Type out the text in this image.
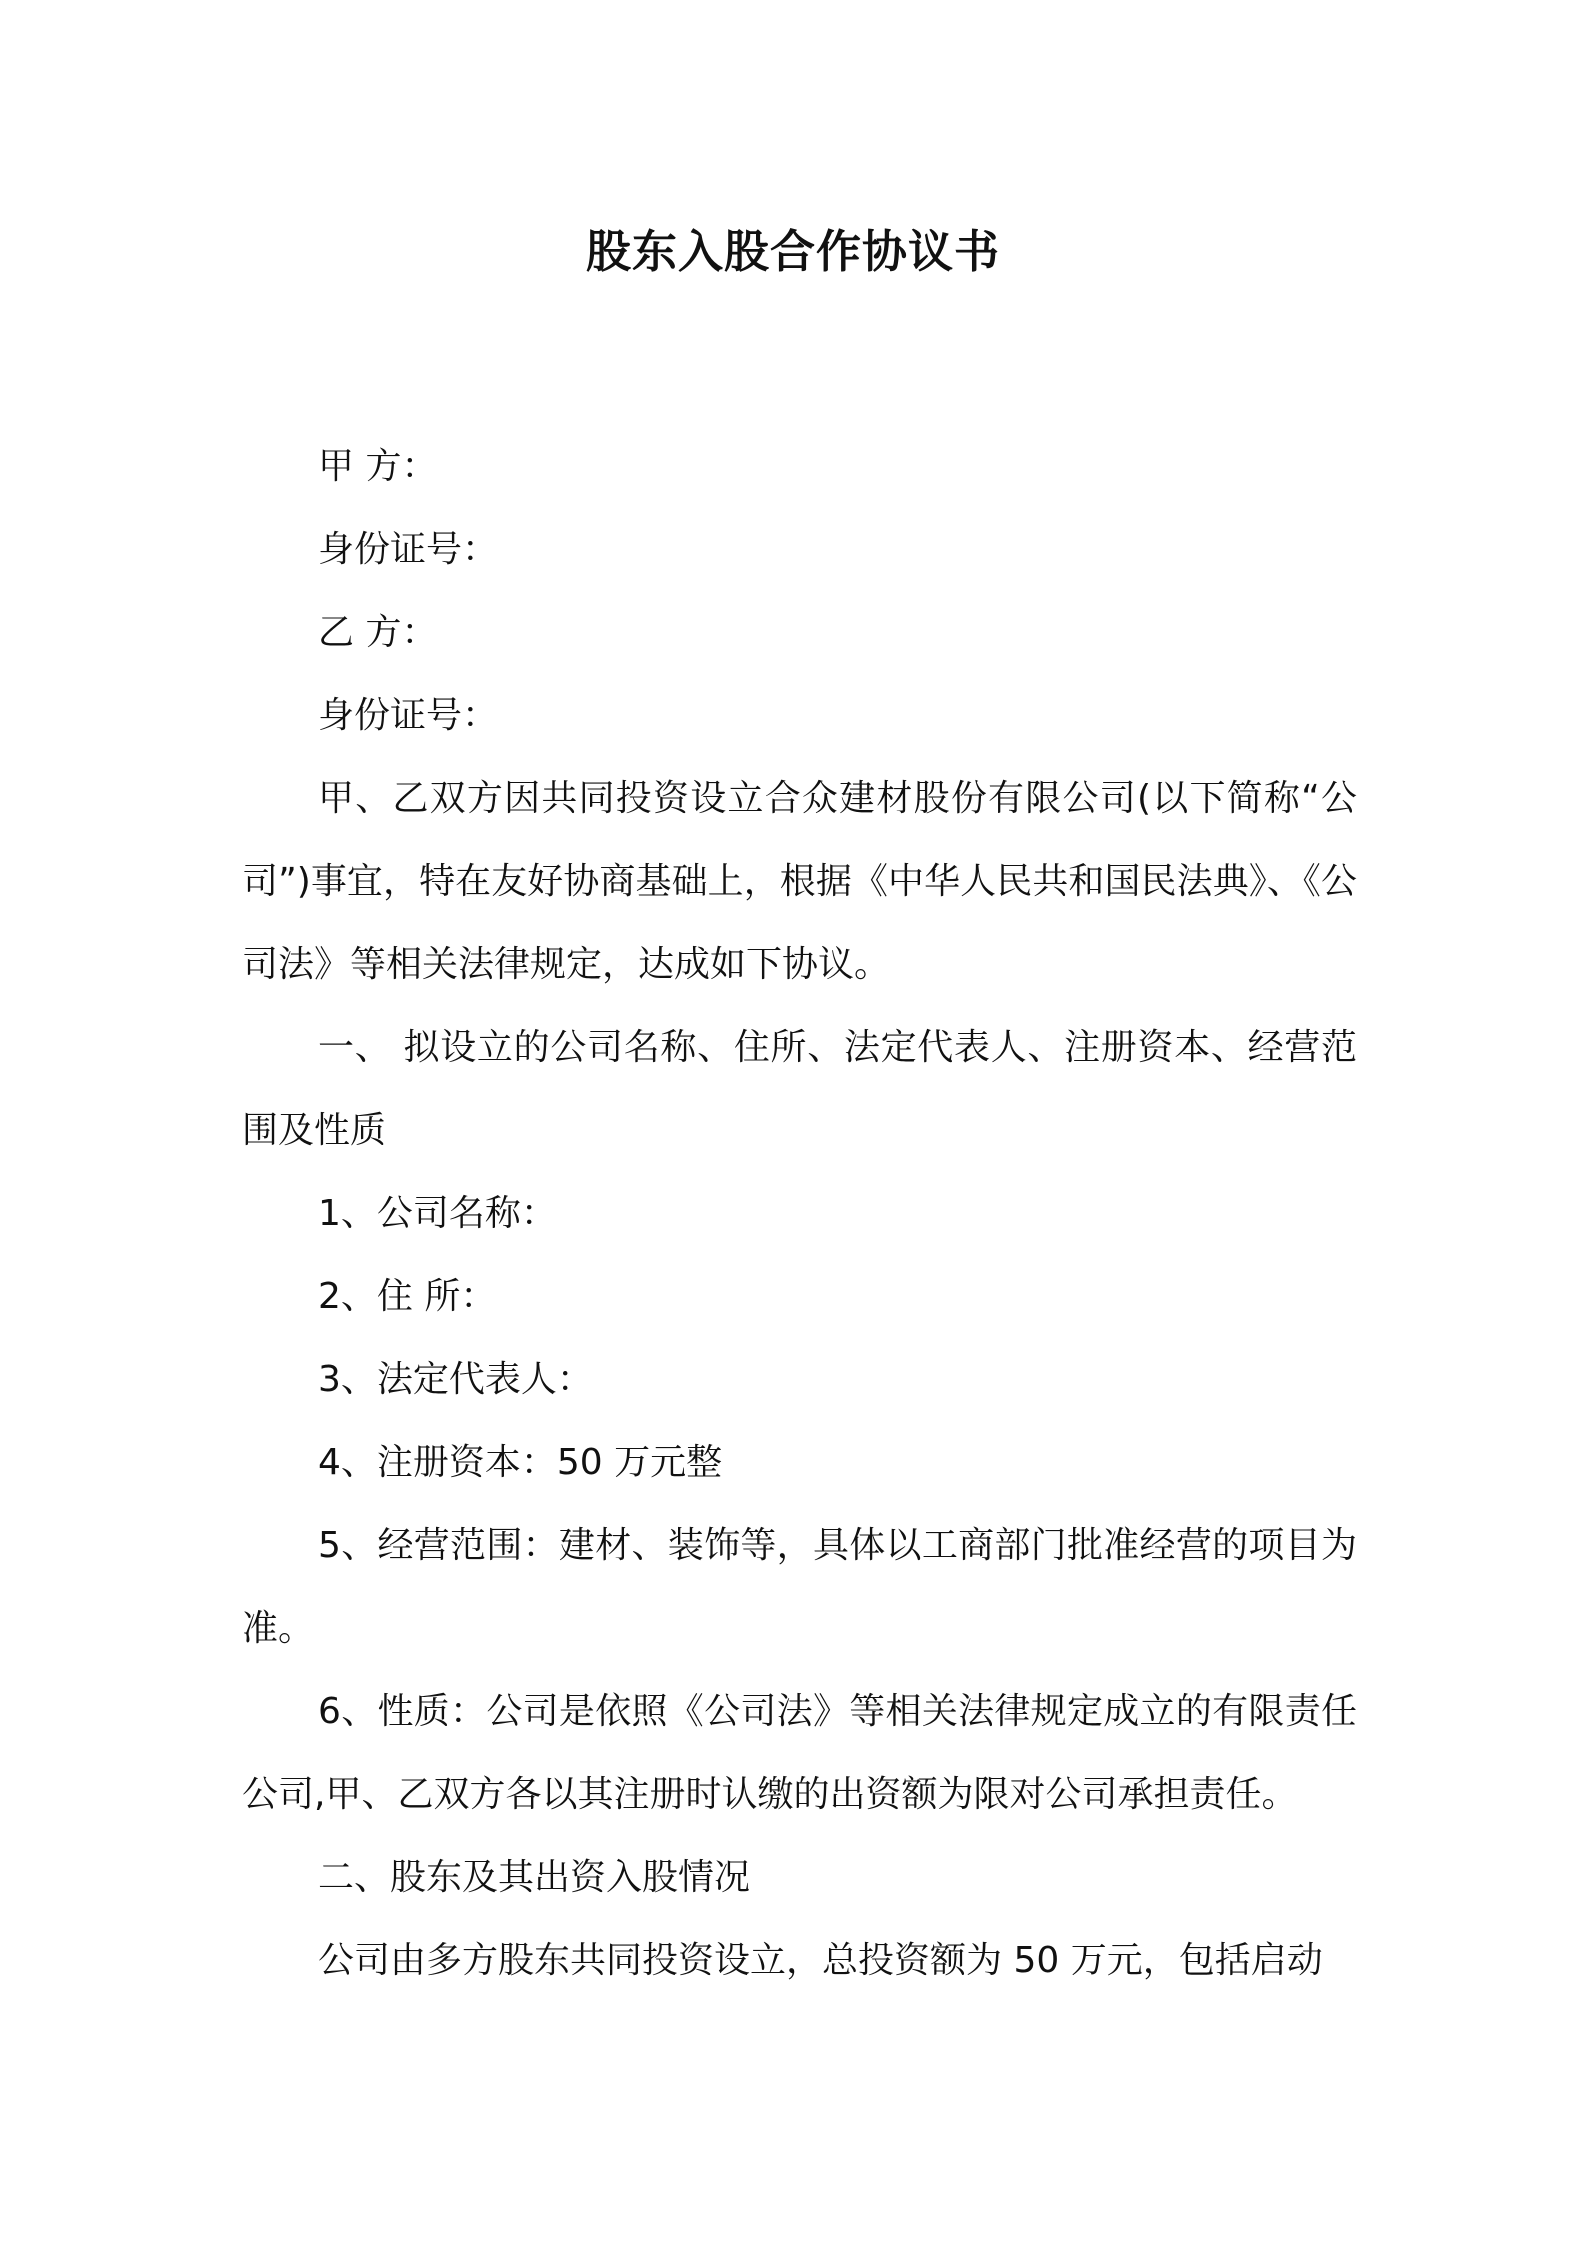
股东入股合作协议书

甲 方：

身份证号：

乙 方：

身份证号：

甲、乙双方因共同投资设立合众建材股份有限公司(以下简称“公司”)事宜，特在友好协商基础上，根据《中华人民共和国民法典》、《公司法》等相关法律规定，达成如下协议。

一、 拟设立的公司名称、住所、法定代表人、注册资本、经营范围及性质

1、公司名称：

2、住 所：

3、法定代表人：

4、注册资本：50 万元整

5、经营范围：建材、装饰等，具体以工商部门批准经营的项目为准。

6、性质：公司是依照《公司法》等相关法律规定成立的有限责任公司,甲、乙双方各以其注册时认缴的出资额为限对公司承担责任。

二、股东及其出资入股情况

公司由多方股东共同投资设立，总投资额为 50 万元，包括启动
